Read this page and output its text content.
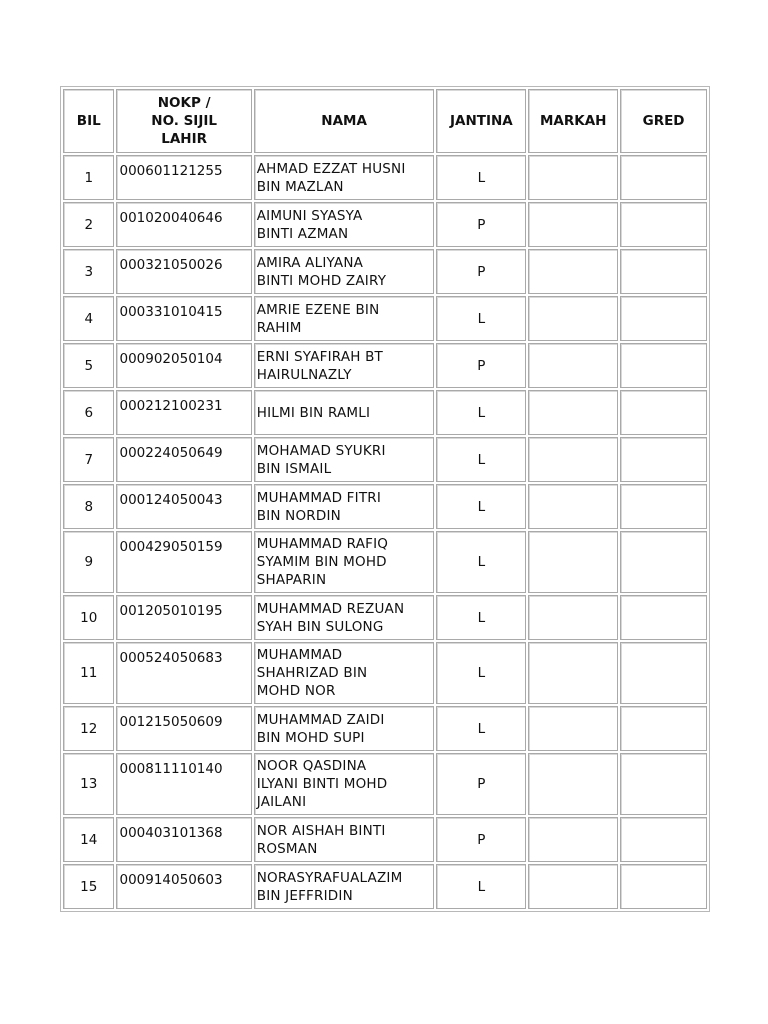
BIL	NOKP /
NO. SIJIL
LAHIR	NAMA	JANTINA	MARKAH	GRED
1	000601121255	AHMAD EZZAT HUSNI
BIN MAZLAN	L		
2	001020040646	AIMUNI SYASYA
BINTI AZMAN	P		
3	000321050026	AMIRA ALIYANA
BINTI MOHD ZAIRY	P		
4	000331010415	AMRIE EZENE BIN
RAHIM	L		
5	000902050104	ERNI SYAFIRAH BT
HAIRULNAZLY	P		
6	000212100231	HILMI BIN RAMLI	L		
7	000224050649	MOHAMAD SYUKRI
BIN ISMAIL	L		
8	000124050043	MUHAMMAD FITRI
BIN NORDIN	L		
9	000429050159	MUHAMMAD RAFIQ
SYAMIM BIN MOHD
SHAPARIN	L		
10	001205010195	MUHAMMAD REZUAN
SYAH BIN SULONG	L		
11	000524050683	MUHAMMAD
SHAHRIZAD BIN
MOHD NOR	L		
12	001215050609	MUHAMMAD ZAIDI
BIN MOHD SUPI	L		
13	000811110140	NOOR QASDINA
ILYANI BINTI MOHD
JAILANI	P		
14	000403101368	NOR AISHAH BINTI
ROSMAN	P		
15	000914050603	NORASYRAFUALAZIM
BIN JEFFRIDIN	L		
